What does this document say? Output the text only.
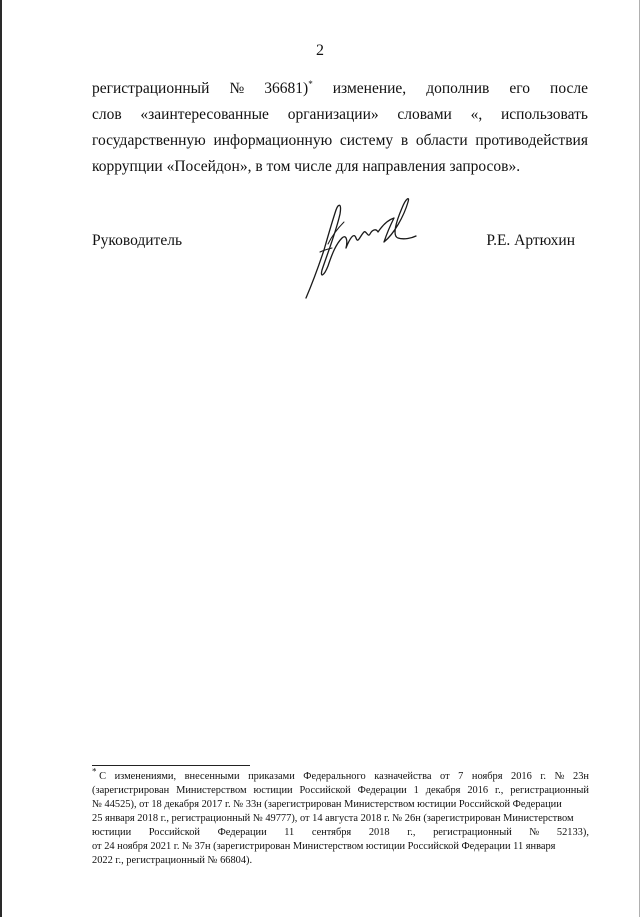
2
регистрационный № 36681)* изменение, дополнив его после
слов «заинтересованные организации» словами «, использовать
государственную информационную систему в области противодействия
коррупции «Посейдон», в том числе для направления запросов».
Руководитель	Р.Е. Артюхин
* С изменениями, внесенными приказами Федерального казначейства от 7 ноября 2016 г. № 23н
(зарегистрирован Министерством юстиции Российской Федерации 1 декабря 2016 г., регистрационный
№ 44525), от 18 декабря 2017 г. № 33н (зарегистрирован Министерством юстиции Российской Федерации
25 января 2018 г., регистрационный № 49777), от 14 августа 2018 г. № 26н (зарегистрирован Министерством
юстиции Российской Федерации 11 сентября 2018 г., регистрационный № 52133),
от 24 ноября 2021 г. № 37н (зарегистрирован Министерством юстиции Российской Федерации 11 января
2022 г., регистрационный № 66804).
